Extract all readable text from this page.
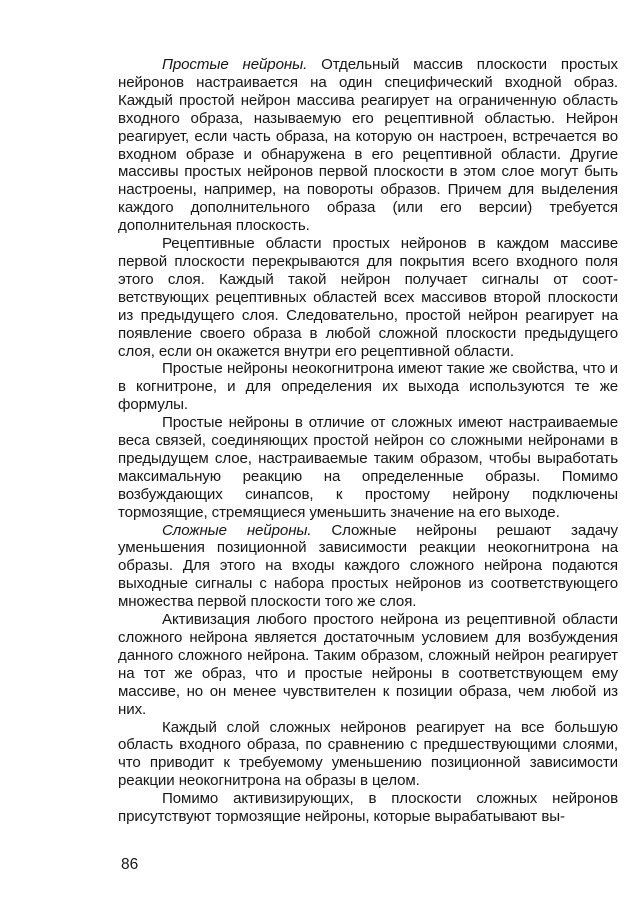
Простые нейроны. Отдельный массив плоскости простых нейронов настраивается на один специфический входной образ. Каждый простой нейрон массива реагирует на ограниченную область входного образа, называемую его рецептивной областью. Нейрон реагирует, если часть образа, на которую он настроен, встречается во входном образе и обнаружена в его рецептивной области. Другие массивы простых нейронов первой плоскости в этом слое могут быть настроены, например, на повороты образов. Причем для выделения каждого дополнительного образа (или его версии) требуется дополнительная плоскость.

Рецептивные области простых нейронов в каждом массиве первой плоскости перекрываются для покрытия всего входного поля этого слоя. Каждый такой нейрон получает сигналы от соответствующих рецептивных областей всех массивов второй плоскости из предыдущего слоя. Следовательно, простой нейрон реагирует на появление своего образа в любой сложной плоскости предыдущего слоя, если он окажется внутри его рецептивной области.

Простые нейроны неокогнитрона имеют такие же свойства, что и в когнитроне, и для определения их выхода используются те же формулы.

Простые нейроны в отличие от сложных имеют настраиваемые веса связей, соединяющих простой нейрон со сложными нейронами в предыдущем слое, настраиваемые таким образом, чтобы выработать максимальную реакцию на определенные образы. Помимо возбуждающих синапсов, к простому нейрону подключены тормозящие, стремящиеся уменьшить значение на его выходе.

Сложные нейроны. Сложные нейроны решают задачу уменьшения позиционной зависимости реакции неокогнитрона на образы. Для этого на входы каждого сложного нейрона подаются выходные сигналы с набора простых нейронов из соответствующего множества первой плоскости того же слоя.

Активизация любого простого нейрона из рецептивной области сложного нейрона является достаточным условием для возбуждения данного сложного нейрона. Таким образом, сложный нейрон реагирует на тот же образ, что и простые нейроны в соответствующем ему массиве, но он менее чувствителен к позиции образа, чем любой из них.

Каждый слой сложных нейронов реагирует на все большую область входного образа, по сравнению с предшествующими слоями, что приводит к требуемому уменьшению позиционной зависимости реакции неокогнитрона на образы в целом.

Помимо активизирующих, в плоскости сложных нейронов присутствуют тормозящие нейроны, которые вырабатывают вы-

86
